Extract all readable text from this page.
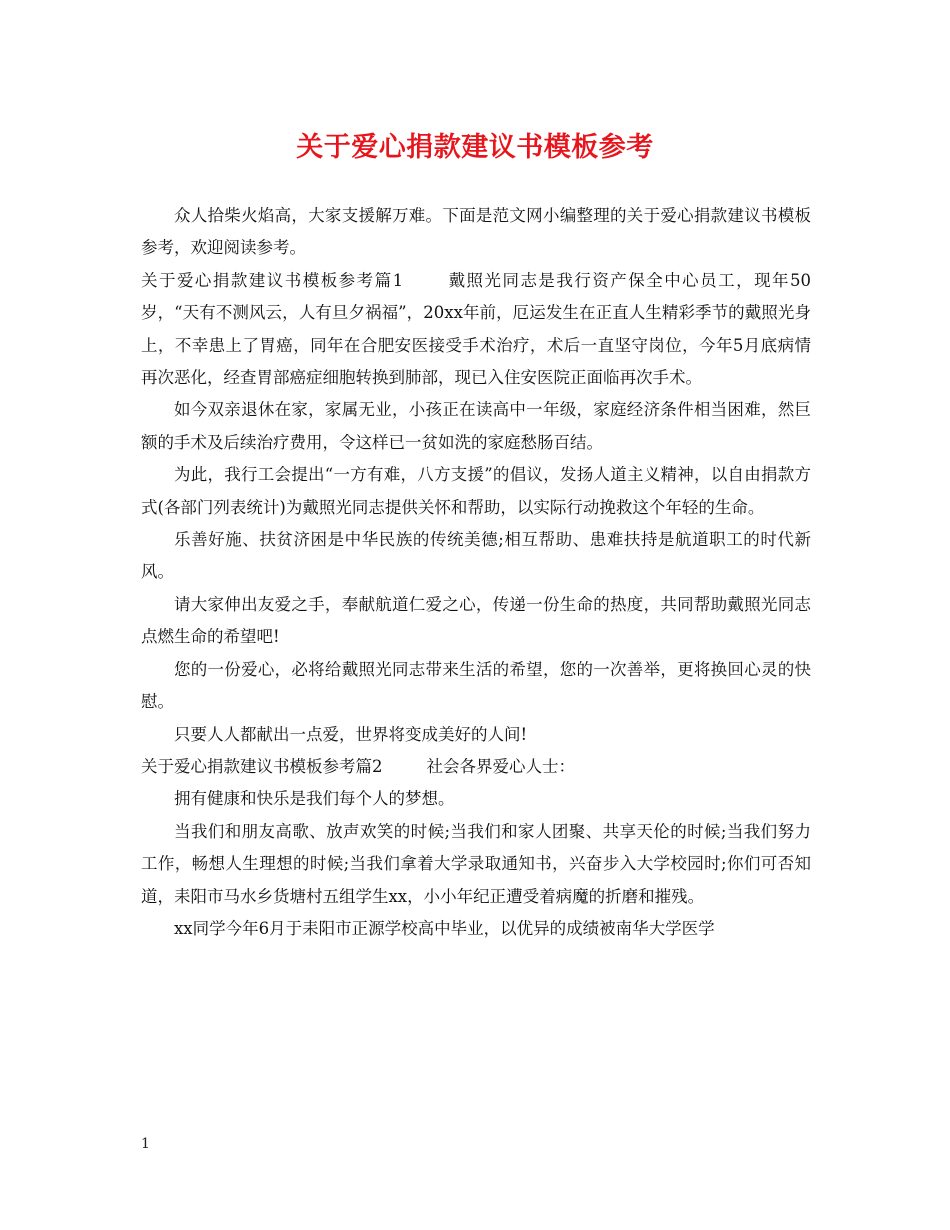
关于爱心捐款建议书模板参考

众人拾柴火焰高，大家支援解万难。下面是范文网小编整理的关于爱心捐款建议书模板参考，欢迎阅读参考。

关于爱心捐款建议书模板参考篇1	戴照光同志是我行资产保全中心员工，现年50岁，“天有不测风云，人有旦夕祸福”，20xx年前，厄运发生在正直人生精彩季节的戴照光身上，不幸患上了胃癌，同年在合肥安医接受手术治疗，术后一直坚守岗位，今年5月底病情再次恶化，经查胃部癌症细胞转换到肺部，现已入住安医院正面临再次手术。

如今双亲退休在家，家属无业，小孩正在读高中一年级，家庭经济条件相当困难，然巨额的手术及后续治疗费用，令这样已一贫如洗的家庭愁肠百结。

为此，我行工会提出“一方有难，八方支援”的倡议，发扬人道主义精神，以自由捐款方式(各部门列表统计)为戴照光同志提供关怀和帮助，以实际行动挽救这个年轻的生命。

乐善好施、扶贫济困是中华民族的传统美德;相互帮助、患难扶持是航道职工的时代新风。

请大家伸出友爱之手，奉献航道仁爱之心，传递一份生命的热度，共同帮助戴照光同志点燃生命的希望吧!

您的一份爱心，必将给戴照光同志带来生活的希望，您的一次善举，更将换回心灵的快慰。

只要人人都献出一点爱，世界将变成美好的人间!

关于爱心捐款建议书模板参考篇2	社会各界爱心人士：

拥有健康和快乐是我们每个人的梦想。

当我们和朋友高歌、放声欢笑的时候;当我们和家人团聚、共享天伦的时候;当我们努力工作，畅想人生理想的时候;当我们拿着大学录取通知书，兴奋步入大学校园时;你们可否知道，耒阳市马水乡货塘村五组学生xx，小小年纪正遭受着病魔的折磨和摧残。

xx同学今年6月于耒阳市正源学校高中毕业，以优异的成绩被南华大学医学

1
